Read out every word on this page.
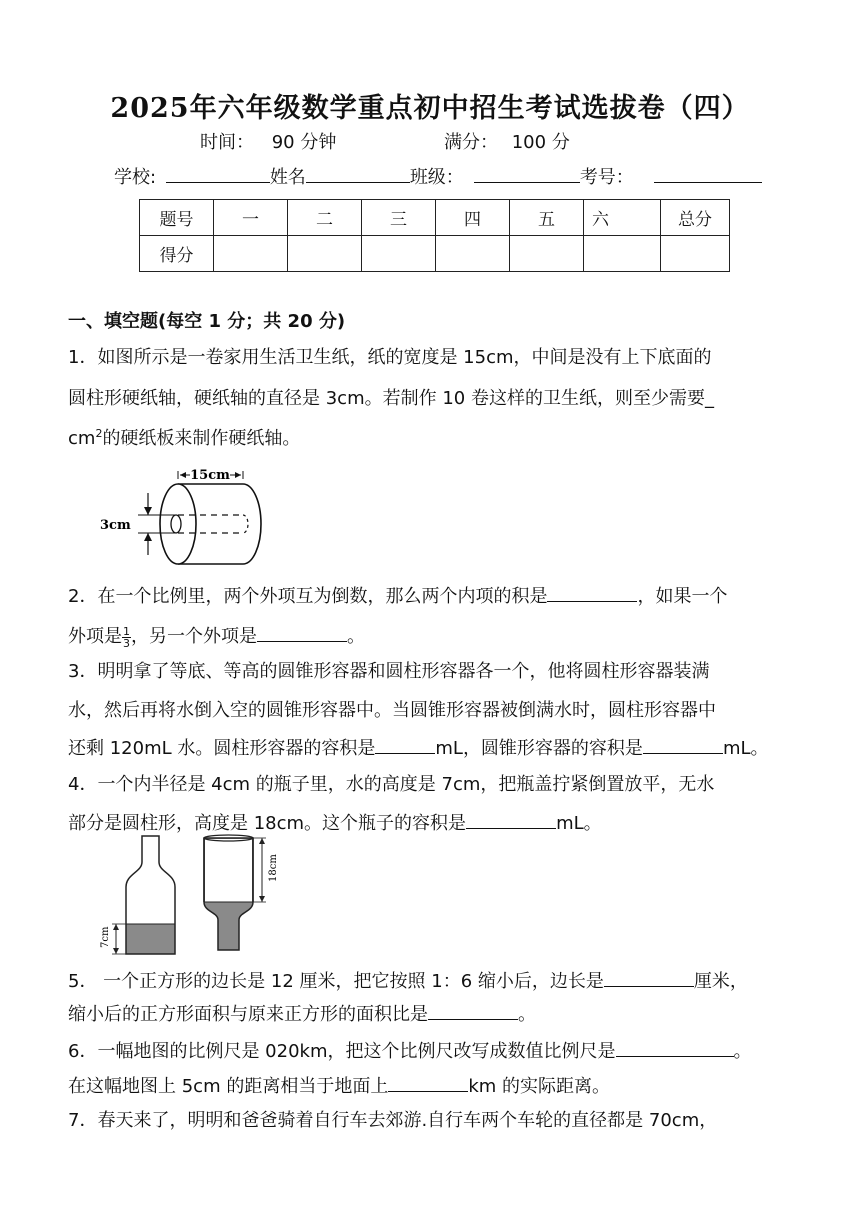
2025年六年级数学重点初中招生考试选拔卷（四）
时间： 90 分钟	满分： 100 分
学校:	姓名	班级：	考号：
题号	一	二	三	四	五	六	总分
得分							
一、填空题(每空 1 分；共 20 分)
1．如图所示是一卷家用生活卫生纸，纸的宽度是 15cm，中间是没有上下底面的
圆柱形硬纸轴，硬纸轴的直径是 3cm。若制作 10 卷这样的卫生纸，则至少需要_
$cm^2$的硬纸板来制作硬纸轴。
15cm
3cm
2．在一个比例里，两个外项互为倒数，那么两个内项的积是	，如果一个
外项是 $\frac{1}{3}$ ，另一个外项是	。
3．明明拿了等底、等高的圆锥形容器和圆柱形容器各一个，他将圆柱形容器装满
水，然后再将水倒入空的圆锥形容器中。当圆锥形容器被倒满水时，圆柱形容器中
还剩 120mL 水。圆柱形容器的容积是	mL，圆锥形容器的容积是	mL。
4．一个内半径是 4cm 的瓶子里，水的高度是 7cm，把瓶盖拧紧倒置放平，无水
部分是圆柱形，高度是 18cm。这个瓶子的容积是	mL。
7cm
18cm
5． 一个正方形的边长是 12 厘米，把它按照 1：6 缩小后，边长是	厘米，
缩小后的正方形面积与原来正方形的面积比是	。
6．一幅地图的比例尺是 020km，把这个比例尺改写成数值比例尺是	。
在这幅地图上 5cm 的距离相当于地面上	km 的实际距离。
7．春天来了，明明和爸爸骑着自行车去郊游.自行车两个车轮的直径都是 70cm，
